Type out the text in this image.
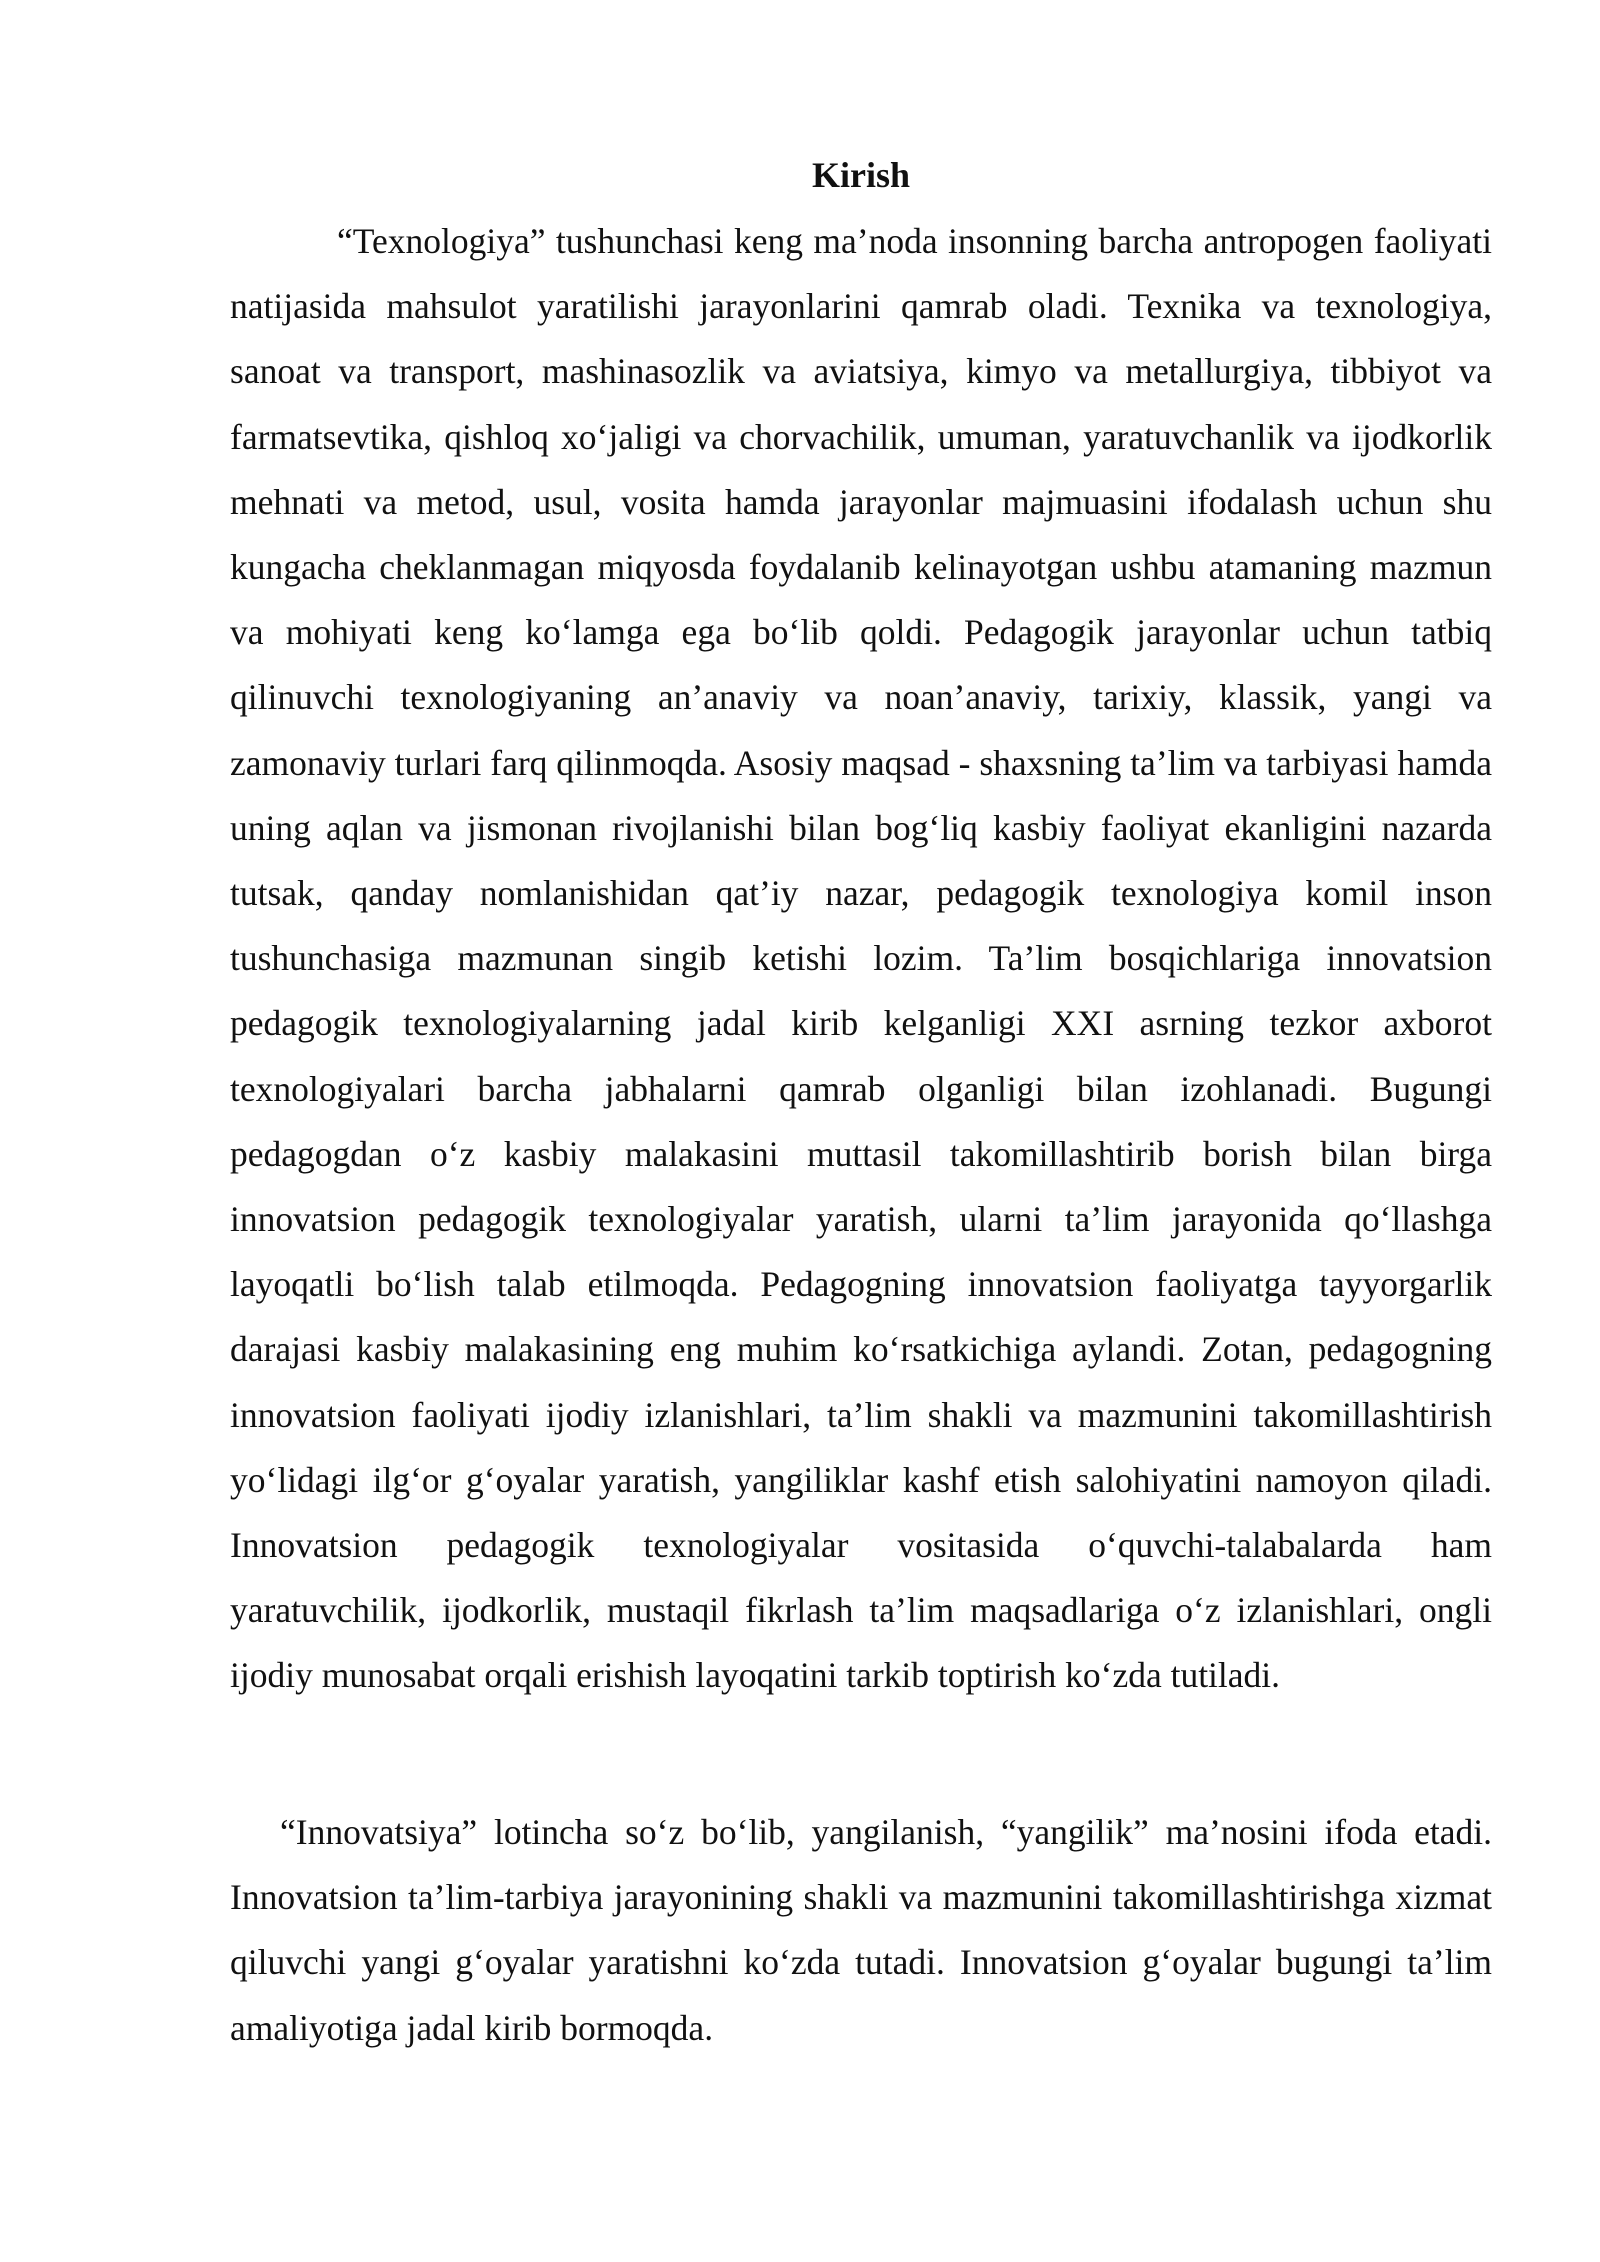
Kirish

“Texnologiya” tushunchasi keng ma’noda insonning barcha antropogen faoliyati natijasida mahsulot yaratilishi jarayonlarini qamrab oladi. Texnika va texnologiya, sanoat va transport, mashinasozlik va aviatsiya, kimyo va metallurgiya, tibbiyot va farmatsevtika, qishloq xo‘jaligi va chorvachilik, umuman, yaratuvchanlik va ijodkorlik mehnati va metod, usul, vosita hamda jarayonlar majmuasini ifodalash uchun shu kungacha cheklanmagan miqyosda foydalanib kelinayotgan ushbu atamaning mazmun va mohiyati keng ko‘lamga ega bo‘lib qoldi. Pedagogik jarayonlar uchun tatbiq qilinuvchi texnologiyaning an’anaviy va noan’anaviy, tarixiy, klassik, yangi va zamonaviy turlari farq qilinmoqda. Asosiy maqsad - shaxsning ta’lim va tarbiyasi hamda uning aqlan va jismonan rivojlanishi bilan bog‘liq kasbiy faoliyat ekanligini nazarda tutsak, qanday nomlanishidan qat’iy nazar, pedagogik texnologiya komil inson tushunchasiga mazmunan singib ketishi lozim. Ta’lim bosqichlariga innovatsion pedagogik texnologiyalarning jadal kirib kelganligi XXI asrning tezkor axborot texnologiyalari barcha jabhalarni qamrab olganligi bilan izohlanadi. Bugungi pedagogdan o‘z kasbiy malakasini muttasil takomillashtirib borish bilan birga innovatsion pedagogik texnologiyalar yaratish, ularni ta’lim jarayonida qo‘llashga layoqatli bo‘lish talab etilmoqda. Pedagogning innovatsion faoliyatga tayyorgarlik darajasi kasbiy malakasining eng muhim ko‘rsatkichiga aylandi. Zotan, pedagogning innovatsion faoliyati ijodiy izlanishlari, ta’lim shakli va mazmunini takomillashtirish yo‘lidagi ilg‘or g‘oyalar yaratish, yangiliklar kashf etish salohiyatini namoyon qiladi. Innovatsion pedagogik texnologiyalar vositasida o‘quvchi-talabalarda ham yaratuvchilik, ijodkorlik, mustaqil fikrlash ta’lim maqsadlariga o‘z izlanishlari, ongli ijodiy munosabat orqali erishish layoqatini tarkib toptirish ko‘zda tutiladi.

“Innovatsiya” lotincha so‘z bo‘lib, yangilanish, “yangilik” ma’nosini ifoda etadi. Innovatsion ta’lim-tarbiya jarayonining shakli va mazmunini takomillashtirishga xizmat qiluvchi yangi g‘oyalar yaratishni ko‘zda tutadi. Innovatsion g‘oyalar bugungi ta’lim amaliyotiga jadal kirib bormoqda.
